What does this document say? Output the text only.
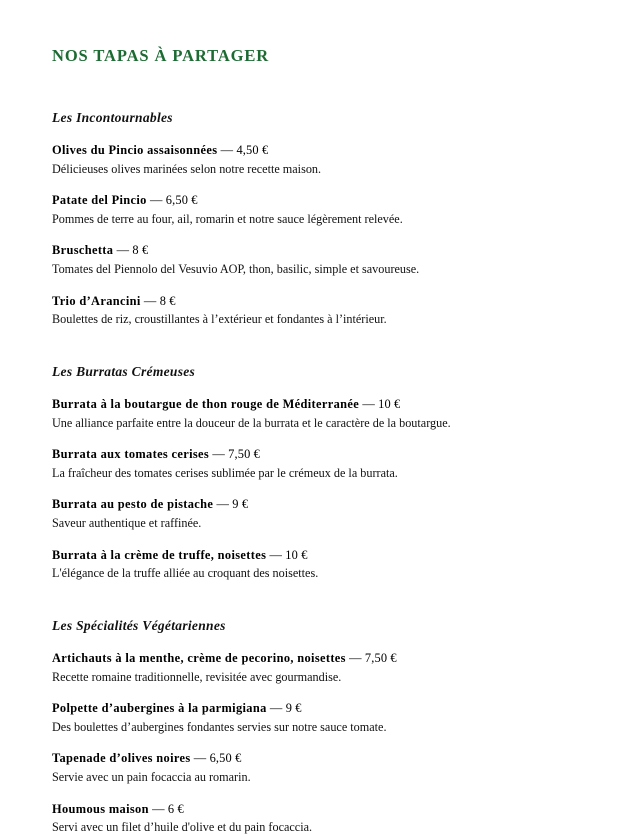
NOS TAPAS À PARTAGER
Les Incontournables

Olives du Pincio assaisonnées — 4,50 €

Délicieuses olives marinées selon notre recette maison.

Patate del Pincio — 6,50 €

Pommes de terre au four, ail, romarin et notre sauce légèrement relevée.

Bruschetta — 8 €

Tomates del Piennolo del Vesuvio AOP, thon, basilic, simple et savoureuse.

Trio d’Arancini — 8 €

Boulettes de riz, croustillantes à l’extérieur et fondantes à l’intérieur.

Les Burratas Crémeuses

Burrata à la boutargue de thon rouge de Méditerranée — 10 €

Une alliance parfaite entre la douceur de la burrata et le caractère de la boutargue.

Burrata aux tomates cerises — 7,50 €

La fraîcheur des tomates cerises sublimée par le crémeux de la burrata.

Burrata au pesto de pistache — 9 €

Saveur authentique et raffinée.

Burrata à la crème de truffe, noisettes — 10 €

L'élégance de la truffe alliée au croquant des noisettes.

Les Spécialités Végétariennes

Artichauts à la menthe, crème de pecorino, noisettes — 7,50 €

Recette romaine traditionnelle, revisitée avec gourmandise.

Polpette d’aubergines à la parmigiana — 9 €

Des boulettes d’aubergines fondantes servies sur notre sauce tomate.

Tapenade d’olives noires — 6,50 €

Servie avec un pain focaccia au romarin.

Houmous maison — 6 €

Servi avec un filet d’huile d'olive et du pain focaccia.
